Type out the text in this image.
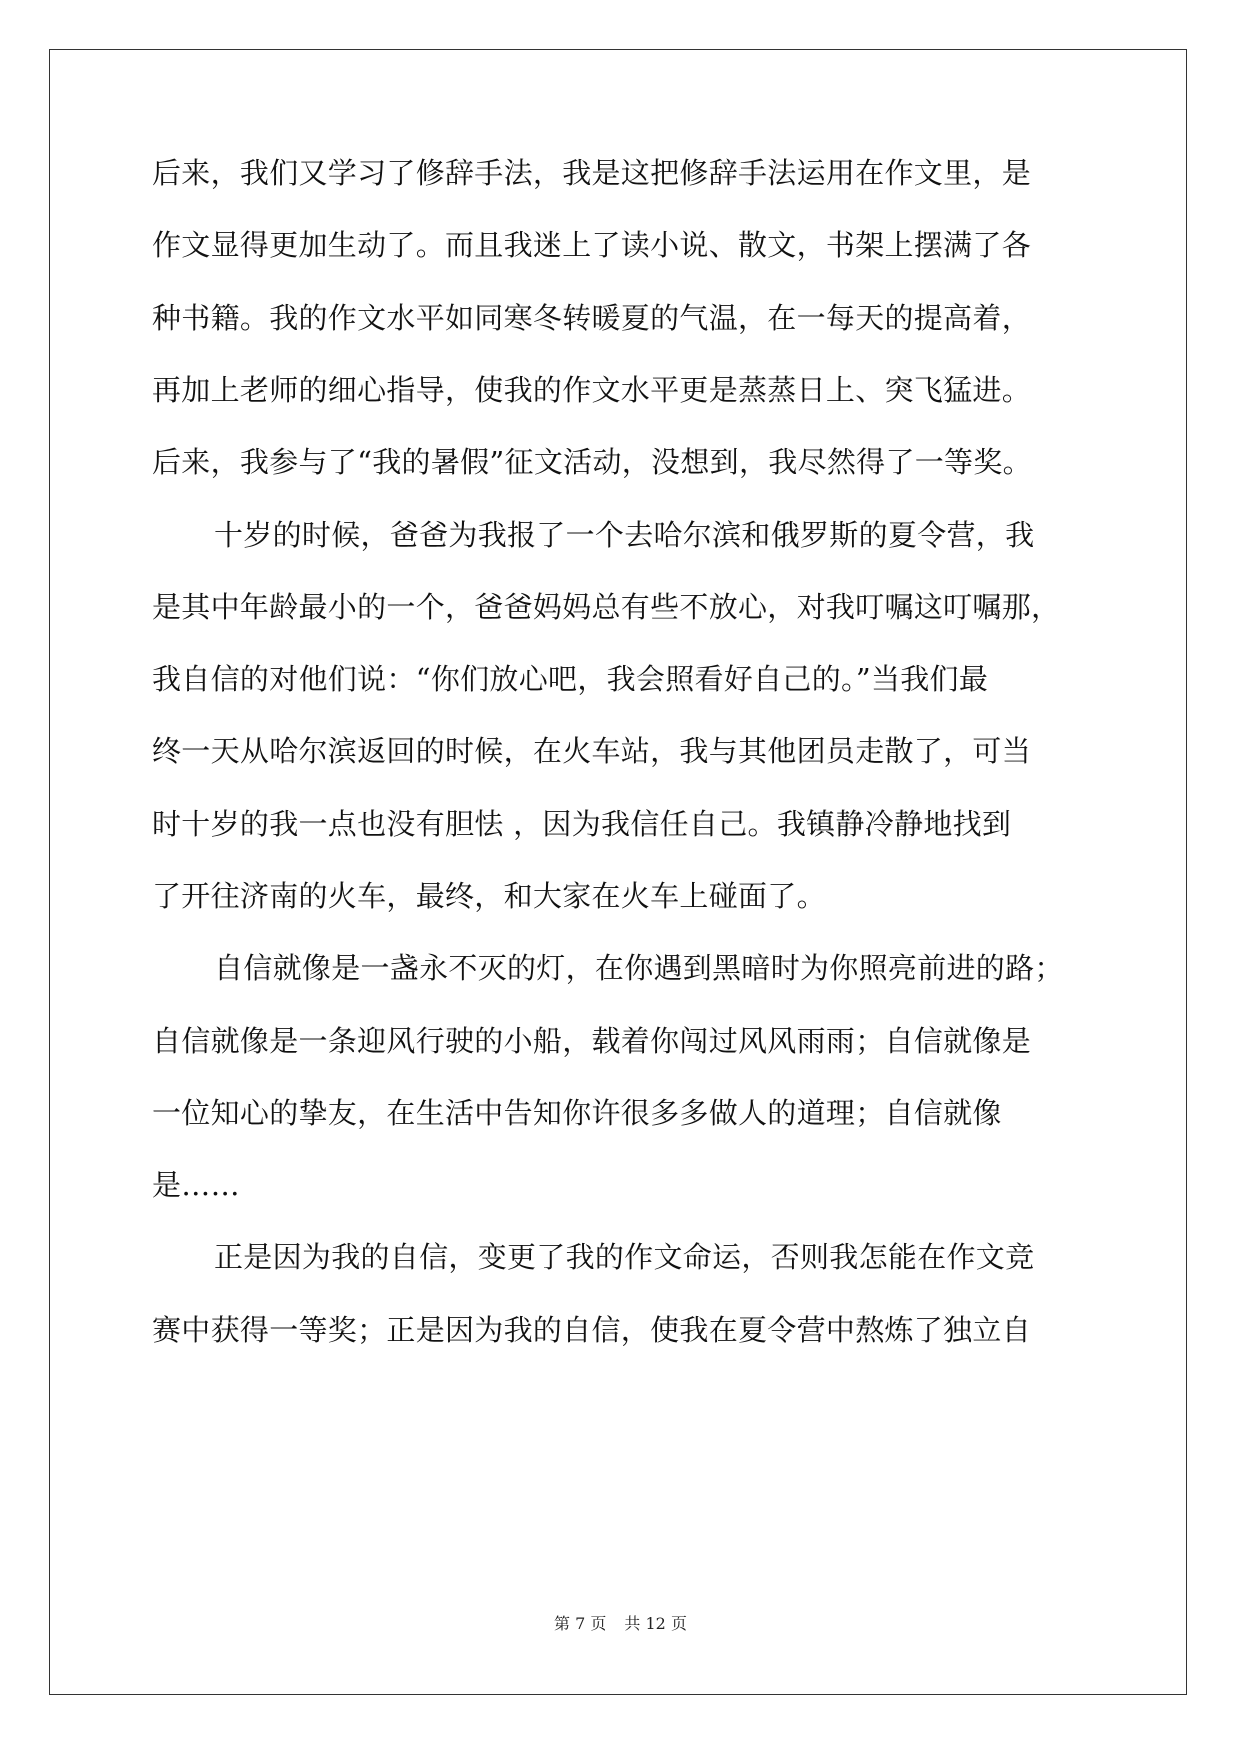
后来，我们又学习了修辞手法，我是这把修辞手法运用在作文里，是
作文显得更加生动了。而且我迷上了读小说、散文，书架上摆满了各
种书籍。我的作文水平如同寒冬转暖夏的气温，在一每天的提高着，
再加上老师的细心指导，使我的作文水平更是蒸蒸日上、突飞猛进。
后来，我参与了“我的暑假”征文活动，没想到，我尽然得了一等奖。
十岁的时候，爸爸为我报了一个去哈尔滨和俄罗斯的夏令营，我
是其中年龄最小的一个，爸爸妈妈总有些不放心，对我叮嘱这叮嘱那，
我自信的对他们说：“你们放心吧，我会照看好自己的。”当我们最
终一天从哈尔滨返回的时候，在火车站，我与其他团员走散了，可当
时十岁的我一点也没有胆怯 ，因为我信任自己。我镇静冷静地找到
了开往济南的火车，最终，和大家在火车上碰面了。
自信就像是一盏永不灭的灯，在你遇到黑暗时为你照亮前进的路；
自信就像是一条迎风行驶的小船，载着你闯过风风雨雨；自信就像是
一位知心的挚友，在生活中告知你许很多多做人的道理；自信就像
是……
正是因为我的自信，变更了我的作文命运，否则我怎能在作文竞
赛中获得一等奖；正是因为我的自信，使我在夏令营中熬炼了独立自
第 7 页 共 12 页
